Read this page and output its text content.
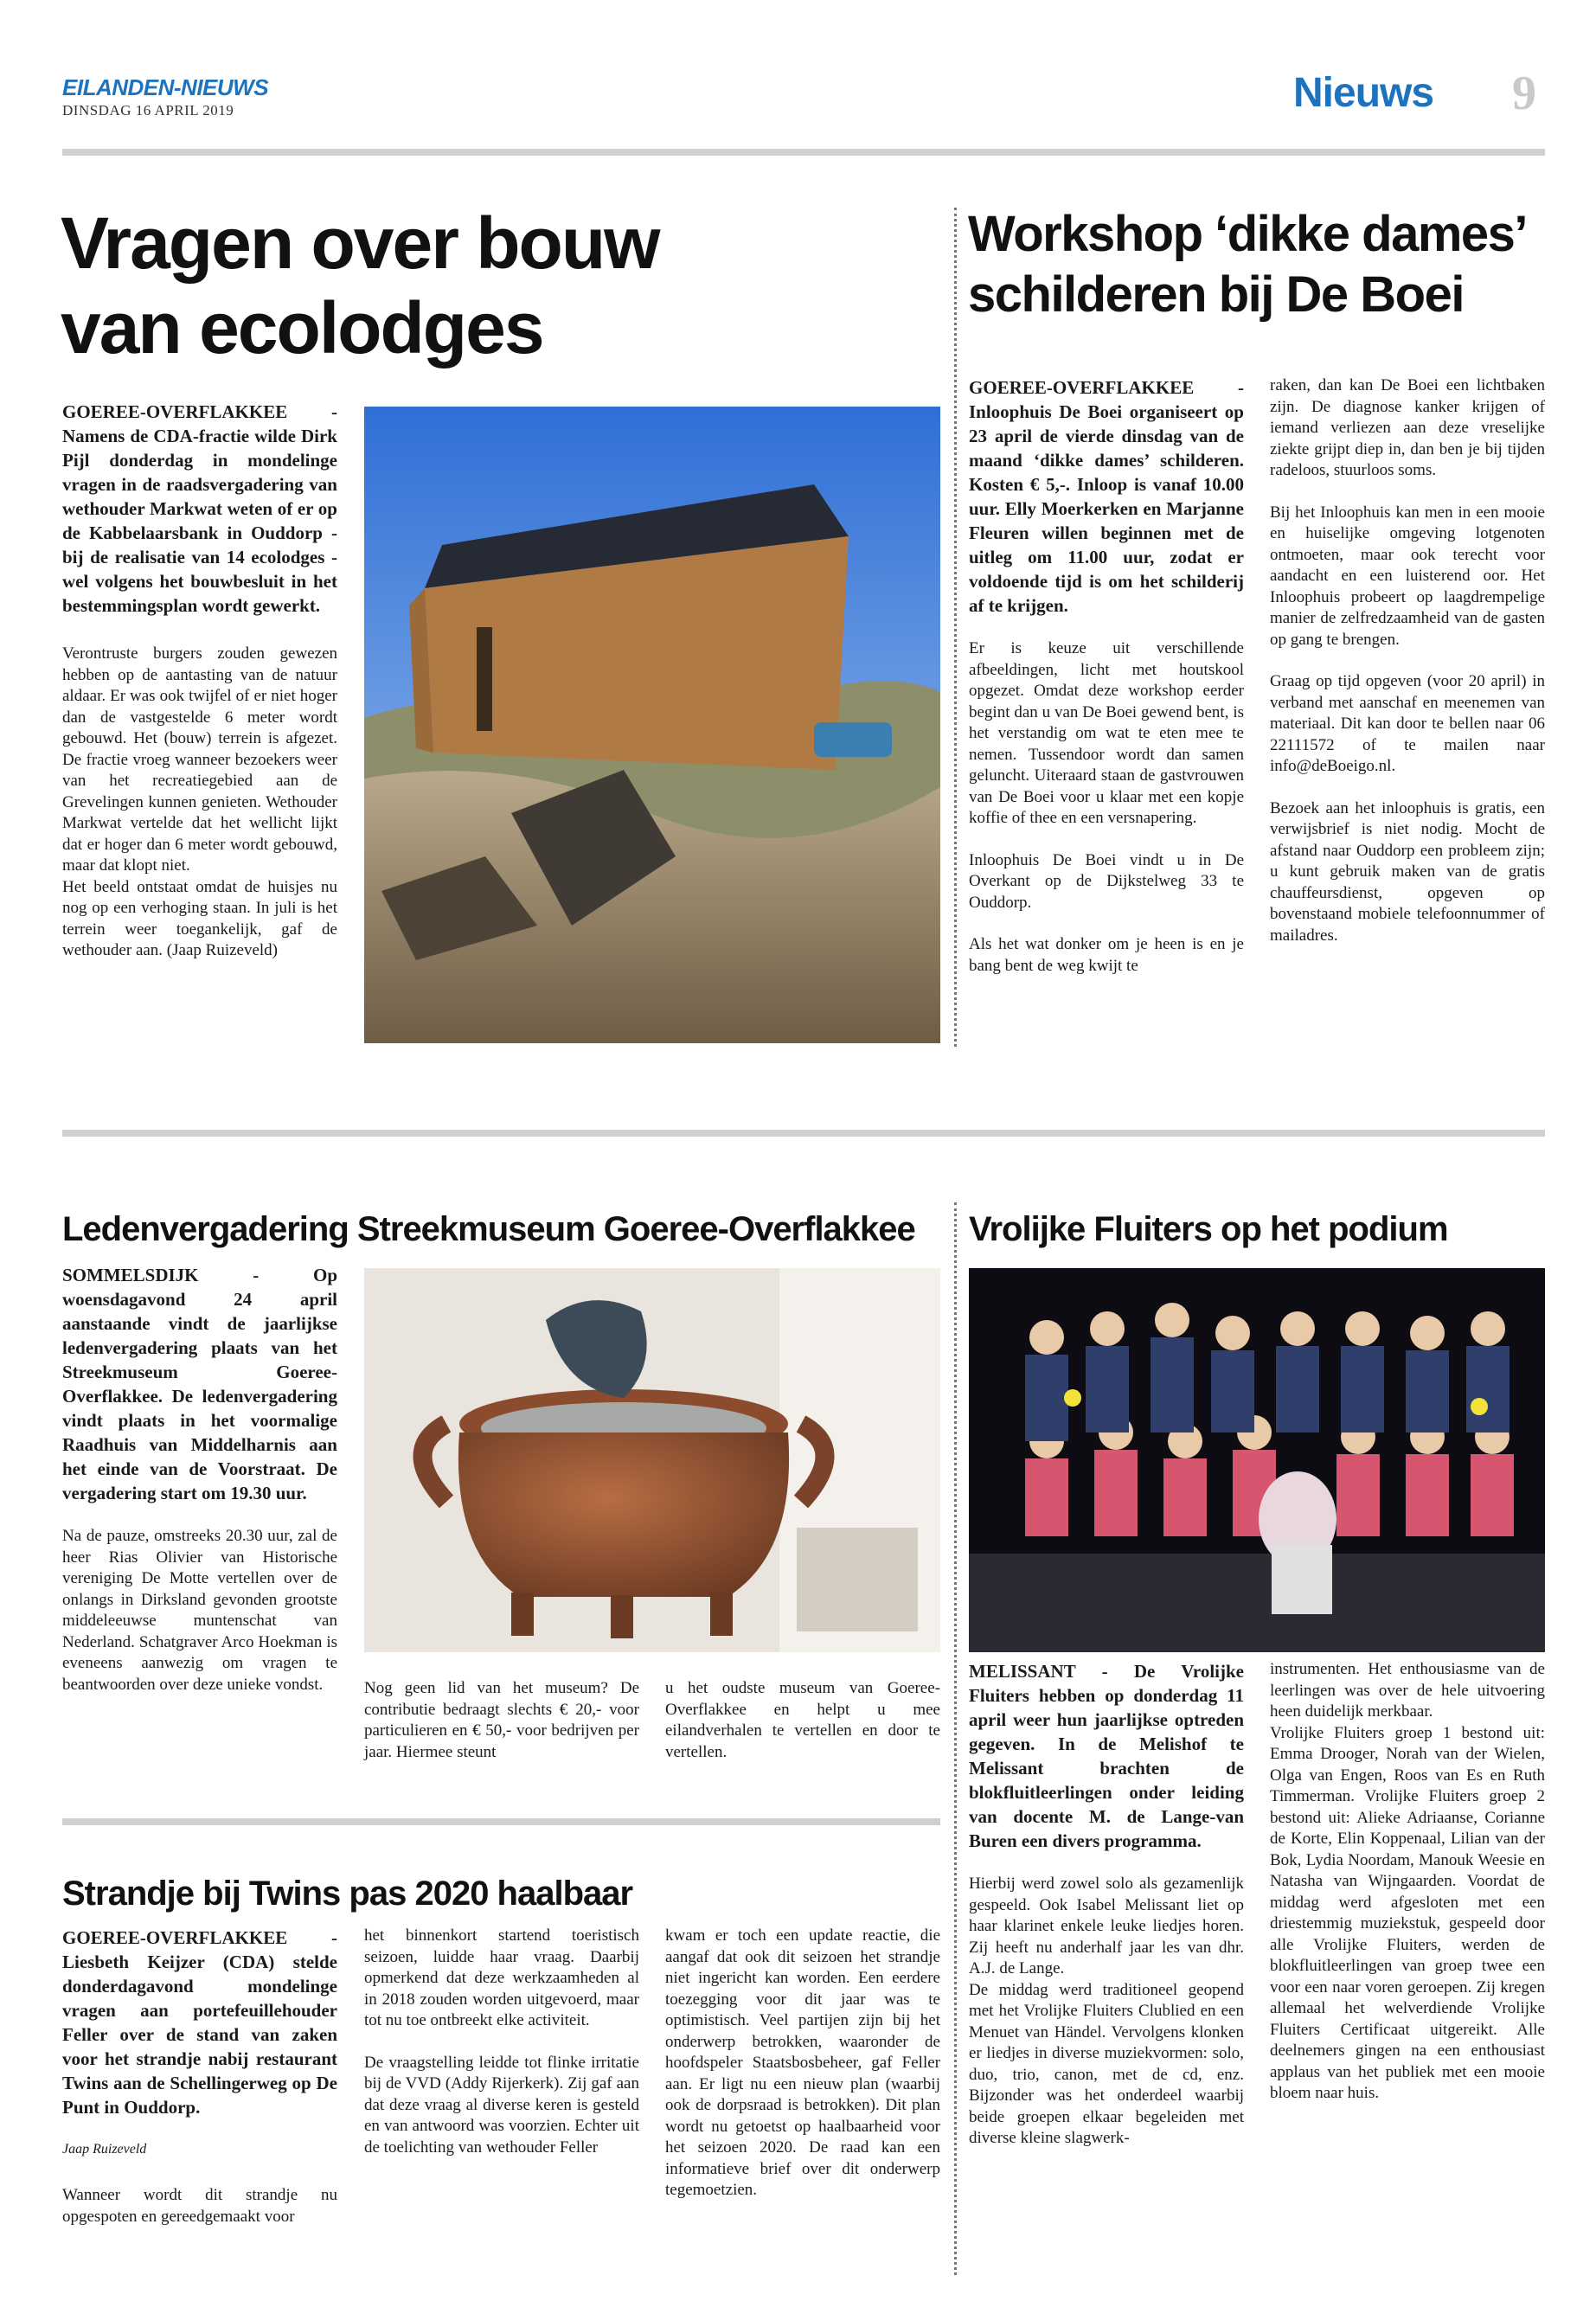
EILANDEN-NIEUWS
DINSDAG 16 APRIL 2019	Nieuws 9
Vragen over bouw
van ecolodges
GOEREE-OVERFLAKKEE - Namens de CDA-fractie wilde Dirk Pijl donderdag in mondelinge vragen in de raadsvergadering van wethouder Markwat weten of er op de Kabbelaarsbank in Ouddorp - bij de realisatie van 14 ecolodges - wel volgens het bouwbesluit in het bestemmingsplan wordt gewerkt.

Verontruste burgers zouden gewezen hebben op de aantasting van de natuur aldaar. Er was ook twijfel of er niet hoger dan de vastgestelde 6 meter wordt gebouwd. Het (bouw) terrein is afgezet. De fractie vroeg wanneer bezoekers weer van het recreatiegebied aan de Grevelingen kunnen genieten. Wethouder Markwat vertelde dat het wellicht lijkt dat er hoger dan 6 meter wordt gebouwd, maar dat klopt niet.

Het beeld ontstaat omdat de huisjes nu nog op een verhoging staan. In juli is het terrein weer toegankelijk, gaf de wethouder aan. (Jaap Ruizeveld)

Workshop ‘dikke dames’
schilderen bij De Boei
GOEREE-OVERFLAKKEE - Inloophuis De Boei organiseert op 23 april de vierde dinsdag van de maand ‘dikke dames’ schilderen. Kosten € 5,-. Inloop is vanaf 10.00 uur. Elly Moerkerken en Marjanne Fleuren willen beginnen met de uitleg om 11.00 uur, zodat er voldoende tijd is om het schilderij af te krijgen.

Er is keuze uit verschillende afbeeldingen, licht met houtskool opgezet. Omdat deze workshop eerder begint dan u van De Boei gewend bent, is het verstandig om wat te eten mee te nemen. Tussendoor wordt dan samen geluncht. Uiteraard staan de gastvrouwen van De Boei voor u klaar met een kopje koffie of thee en een versnapering.

Inloophuis De Boei vindt u in De Overkant op de Dijkstelweg 33 te Ouddorp.

Als het wat donker om je heen is en je bang bent de weg kwijt te

raken, dan kan De Boei een lichtbaken zijn. De diagnose kanker krijgen of iemand verliezen aan deze vreselijke ziekte grijpt diep in, dan ben je bij tijden radeloos, stuurloos soms.

Bij het Inloophuis kan men in een mooie en huiselijke omgeving lotgenoten ontmoeten, maar ook terecht voor aandacht en een luisterend oor. Het Inloophuis probeert op laagdrempelige manier de zelfredzaamheid van de gasten op gang te brengen.

Graag op tijd opgeven (voor 20 april) in verband met aanschaf en meenemen van materiaal. Dit kan door te bellen naar 06 22111572 of te mailen naar info@deBoeigo.nl.

Bezoek aan het inloophuis is gratis, een verwijsbrief is niet nodig. Mocht de afstand naar Ouddorp een probleem zijn; u kunt gebruik maken van de gratis chauffeursdienst, opgeven op bovenstaand mobiele telefoonnummer of mailadres.

Ledenvergadering Streekmuseum Goeree-Overflakkee
SOMMELSDIJK - Op woensdagavond 24 april aanstaande vindt de jaarlijkse ledenvergadering plaats van het Streekmuseum Goeree-Overflakkee. De ledenvergadering vindt plaats in het voormalige Raadhuis van Middelharnis aan het einde van de Voorstraat. De vergadering start om 19.30 uur.

Na de pauze, omstreeks 20.30 uur, zal de heer Rias Olivier van Historische vereniging De Motte vertellen over de onlangs in Dirksland gevonden grootste middeleeuwse muntenschat van Nederland. Schatgraver Arco Hoekman is eveneens aanwezig om vragen te beantwoorden over deze unieke vondst.	Nog geen lid van het museum? De contributie bedraagt slechts € 20,- voor particulieren en € 50,- voor bedrijven per jaar. Hiermee steunt

u het oudste museum van Goeree-Overflakkee en helpt u mee eilandverhalen te vertellen en door te vertellen.

Vrolijke Fluiters op het podium
MELISSANT - De Vrolijke Fluiters hebben op donderdag 11 april weer hun jaarlijkse optreden gegeven. In de Melishof te Melissant brachten de blokfluitleerlingen onder leiding van docente M. de Lange-van Buren een divers programma.

Hierbij werd zowel solo als gezamenlijk gespeeld. Ook Isabel Melissant liet op haar klarinet enkele leuke liedjes horen. Zij heeft nu anderhalf jaar les van dhr. A.J. de Lange.

De middag werd traditioneel geopend met het Vrolijke Fluiters Clublied en een Menuet van Händel. Vervolgens klonken er liedjes in diverse muziekvormen: solo, duo, trio, canon, met de cd, enz. Bijzonder was het onderdeel waarbij beide groepen elkaar begeleiden met diverse kleine slagwerk-

instrumenten. Het enthousiasme van de leerlingen was over de hele uitvoering heen duidelijk merkbaar.

Vrolijke Fluiters groep 1 bestond uit: Emma Drooger, Norah van der Wielen, Olga van Engen, Roos van Es en Ruth Timmerman. Vrolijke Fluiters groep 2 bestond uit: Alieke Adriaanse, Corianne de Korte, Elin Koppenaal, Lilian van der Bok, Lydia Noordam, Manouk Weesie en Natasha van Wijngaarden. Voordat de middag werd afgesloten met een driestemmig muziekstuk, gespeeld door alle Vrolijke Fluiters, werden de blokfluitleerlingen van groep twee een voor een naar voren geroepen. Zij kregen allemaal het welverdiende Vrolijke Fluiters Certificaat uitgereikt. Alle deelnemers gingen na een enthousiast applaus van het publiek met een mooie bloem naar huis.

Strandje bij Twins pas 2020 haalbaar
GOEREE-OVERFLAKKEE - Liesbeth Keijzer (CDA) stelde donderdagavond mondelinge vragen aan portefeuillehouder Feller over de stand van zaken voor het strandje nabij restaurant Twins aan de Schellingerweg op De Punt in Ouddorp.
Jaap Ruizeveld

Wanneer wordt dit strandje nu opgespoten en gereedgemaakt voor

het binnenkort startend toeristisch seizoen, luidde haar vraag. Daarbij opmerkend dat deze werkzaamheden al in 2018 zouden worden uitgevoerd, maar tot nu toe ontbreekt elke activiteit.

De vraagstelling leidde tot flinke irritatie bij de VVD (Addy Rijerkerk). Zij gaf aan dat deze vraag al diverse keren is gesteld en van antwoord was voorzien. Echter uit de toelichting van wethouder Feller

kwam er toch een update reactie, die aangaf dat ook dit seizoen het strandje niet ingericht kan worden. Een eerdere toezegging voor dit jaar was te optimistisch. Veel partijen zijn bij het onderwerp betrokken, waaronder de hoofdspeler Staatsbosbeheer, gaf Feller aan. Er ligt nu een nieuw plan (waarbij ook de dorpsraad is betrokken). Dit plan wordt nu getoetst op haalbaarheid voor het seizoen 2020. De raad kan een informatieve brief over dit onderwerp tegemoetzien.
